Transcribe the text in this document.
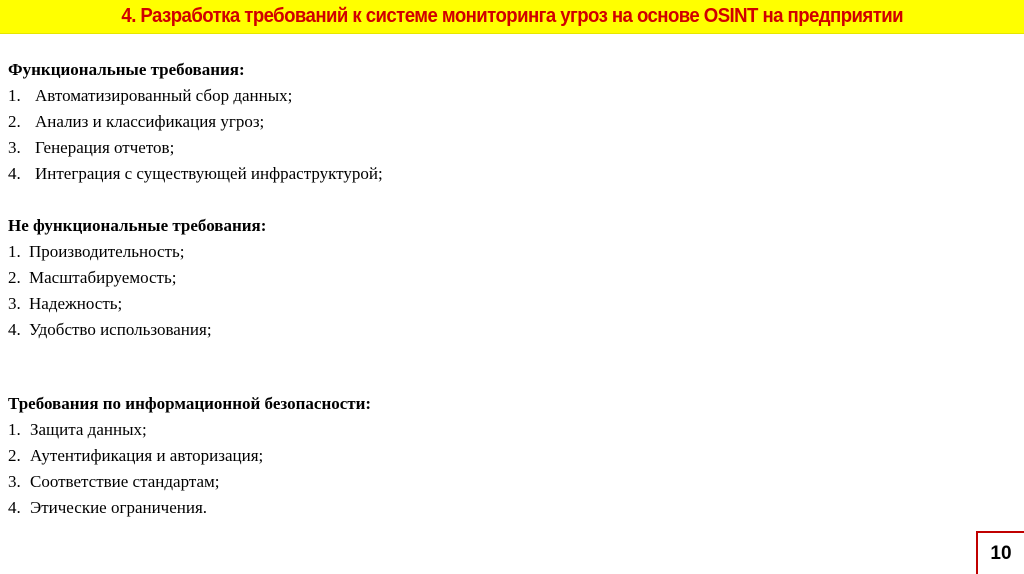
4. Разработка требований к системе мониторинга угроз на основе OSINT на предприятии
Функциональные требования:
1. Автоматизированный сбор данных;
2. Анализ и классификация угроз;
3. Генерация отчетов;
4. Интеграция с существующей инфраструктурой;
Не функциональные требования:
1. Производительность;
2. Масштабируемость;
3. Надежность;
4. Удобство использования;
Требования по информационной безопасности:
1. Защита данных;
2. Аутентификация и авторизация;
3. Соответствие стандартам;
4. Этические ограничения.
10
